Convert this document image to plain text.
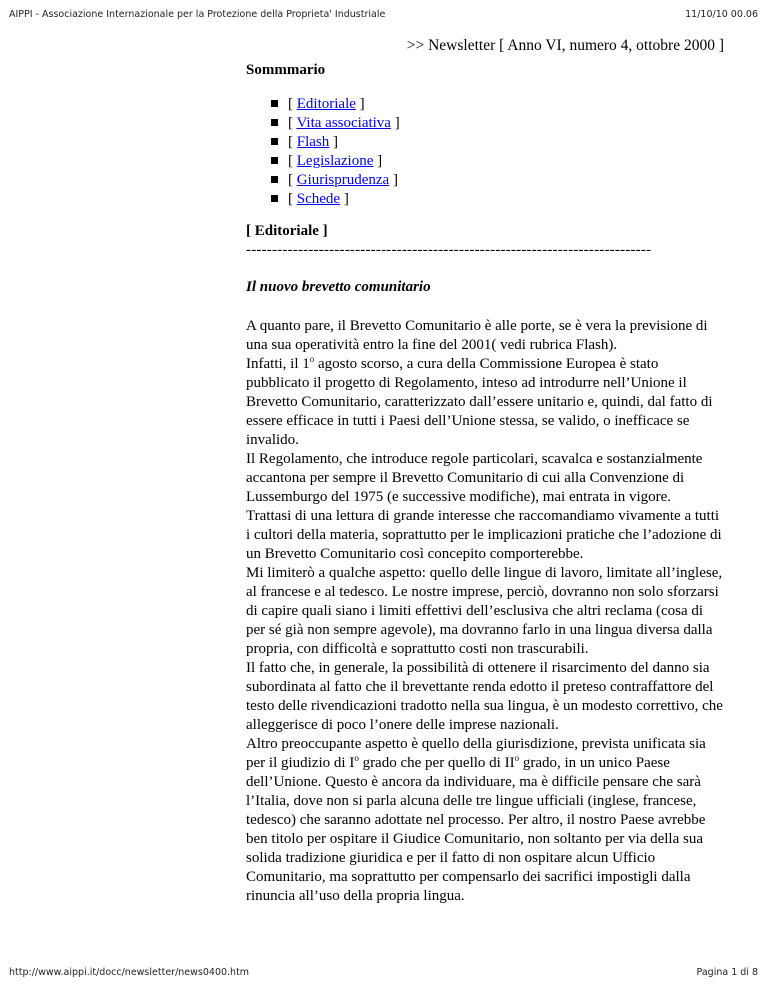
AIPPI - Associazione Internazionale per la Protezione della Proprieta' Industriale	11/10/10 00.06
>> Newsletter [ Anno VI, numero 4, ottobre 2000 ]
Sommmario
[ Editoriale ]
[ Vita associativa ]
[ Flash ]
[ Legislazione ]
[ Giurisprudenza ]
[ Schede ]
[ Editoriale ]
------------------------------------------------------------------------------
Il nuovo brevetto comunitario
A quanto pare, il Brevetto Comunitario è alle porte, se è vera la previsione di una sua operatività entro la fine del 2001( vedi rubrica Flash).
Infatti, il 1$^o$ agosto scorso, a cura della Commissione Europea è stato pubblicato il progetto di Regolamento, inteso ad introdurre nell’Unione il Brevetto Comunitario, caratterizzato dall’essere unitario e, quindi, dal fatto di essere efficace in tutti i Paesi dell’Unione stessa, se valido, o inefficace se invalido.
Il Regolamento, che introduce regole particolari, scavalca e sostanzialmente accantona per sempre il Brevetto Comunitario di cui alla Convenzione di Lussemburgo del 1975 (e successive modifiche), mai entrata in vigore.
Trattasi di una lettura di grande interesse che raccomandiamo vivamente a tutti i cultori della materia, soprattutto per le implicazioni pratiche che l’adozione di un Brevetto Comunitario così concepito comporterebbe.
Mi limiterò a qualche aspetto: quello delle lingue di lavoro, limitate all’inglese, al francese e al tedesco. Le nostre imprese, perciò, dovranno non solo sforzarsi di capire quali siano i limiti effettivi dell’esclusiva che altri reclama (cosa di per sé già non sempre agevole), ma dovranno farlo in una lingua diversa dalla propria, con difficoltà e soprattutto costi non trascurabili.
Il fatto che, in generale, la possibilità di ottenere il risarcimento del danno sia subordinata al fatto che il brevettante renda edotto il preteso contraffattore del testo delle rivendicazioni tradotto nella sua lingua, è un modesto correttivo, che alleggerisce di poco l’onere delle imprese nazionali.
Altro preoccupante aspetto è quello della giurisdizione, prevista unificata sia per il giudizio di $I^o$ grado che per quello di $II^o$ grado, in un unico Paese dell’Unione. Questo è ancora da individuare, ma è difficile pensare che sarà l’Italia, dove non si parla alcuna delle tre lingue ufficiali (inglese, francese, tedesco) che saranno adottate nel processo. Per altro, il nostro Paese avrebbe ben titolo per ospitare il Giudice Comunitario, non soltanto per via della sua solida tradizione giuridica e per il fatto di non ospitare alcun Ufficio Comunitario, ma soprattutto per compensarlo dei sacrifici impostigli dalla rinuncia all’uso della propria lingua.
http://www.aippi.it/docc/newsletter/news0400.htm	Pagina 1 di 8
